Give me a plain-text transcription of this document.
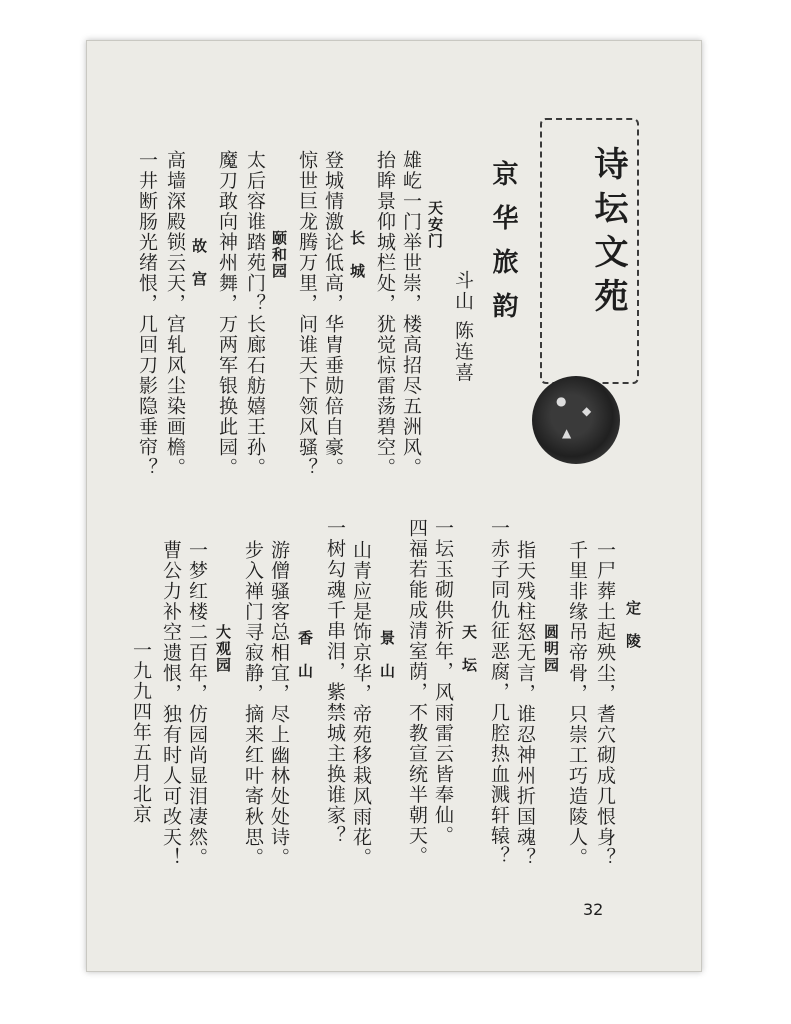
诗坛文苑
京华旅韵
斗山 陈连喜
●
◆
▲
天安门
雄屹一门举世崇，楼高招尽五洲风。
抬眸景仰城栏处，犹觉惊雷荡碧空。
长　城
登城情激论低高，华胄垂勋倍自豪。
惊世巨龙腾万里，问谁天下领风骚？
颐和园
太后容谁踏苑门？长廊石舫嬉王孙。
魔刀敢向神州舞，万两军银换此园。
故　宫
高墙深殿锁云天，宫轧风尘染画檐。
一井断肠光绪恨，几回刀影隐垂帘？
定　陵
一尸葬土起殃尘，耆穴砌成几恨身？
千里非缘吊帝骨，只崇工巧造陵人。
圆明园
指天残柱怒无言，谁忍神州折国魂？
一赤子同仇征恶腐，几腔热血溅轩辕？
天　坛
一坛玉砌供祈年，风雨雷云皆奉仙。
四福若能成清室荫，不教宣统半朝天。
景　山
山青应是饰京华，帝苑移栽风雨花。
一树勾魂千串泪，紫禁城主换谁家？
香　山
游僧骚客总相宜，尽上幽林处处诗。
步入禅门寻寂静，摘来红叶寄秋思。
大观园
一梦红楼二百年，仿园尚显泪凄然。
曹公力补空遗恨，独有时人可改天！
一九九四年五月北京
32
